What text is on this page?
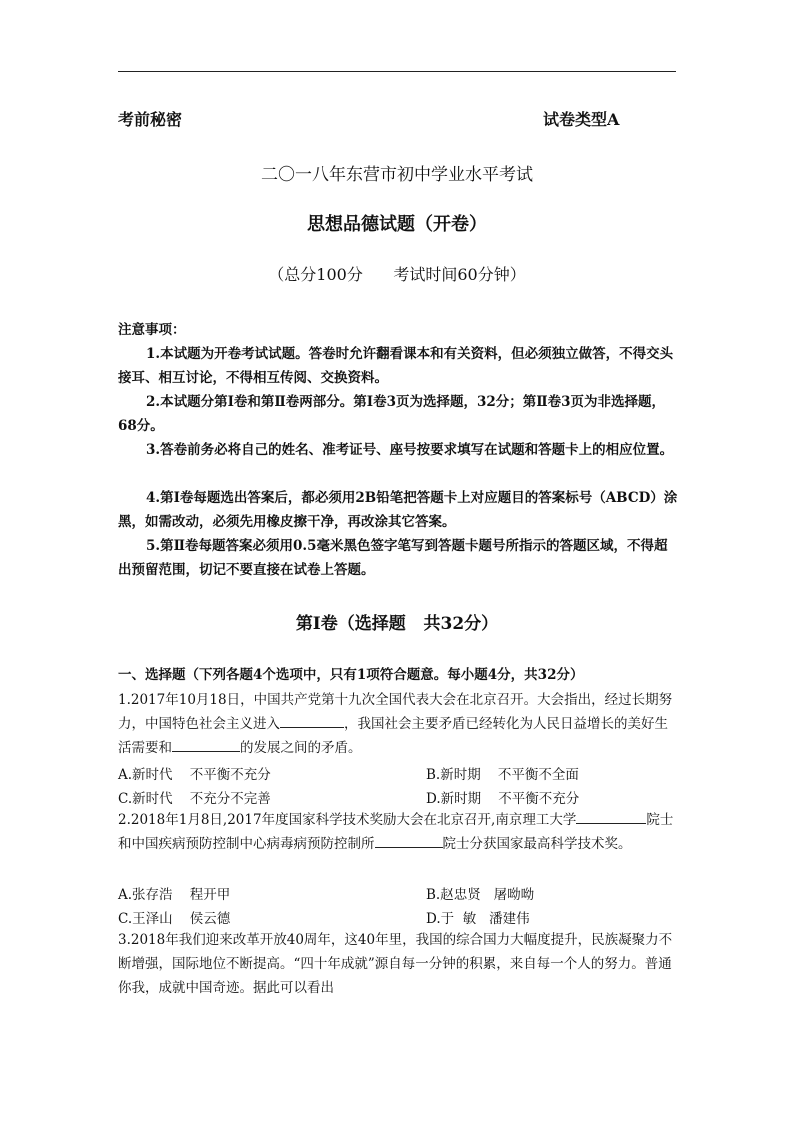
考前秘密	试卷类型A
二〇一八年东营市初中学业水平考试
思想品德试题（开卷）
（总分100分      考试时间60分钟）
注意事项：
1.本试题为开卷考试试题。答卷时允许翻看课本和有关资料，但必须独立做答，不得交头接耳、相互讨论，不得相互传阅、交换资料。
2.本试题分第Ⅰ卷和第Ⅱ卷两部分。第Ⅰ卷3页为选择题，32分；第Ⅱ卷3页为非选择题，68分。
3.答卷前务必将自己的姓名、准考证号、座号按要求填写在试题和答题卡上的相应位置。
4.第Ⅰ卷每题选出答案后，都必须用2B铅笔把答题卡上对应题目的答案标号（ABCD）涂黑，如需改动，必须先用橡皮擦干净，再改涂其它答案。
5.第Ⅱ卷每题答案必须用0.5毫米黑色签字笔写到答题卡题号所指示的答题区域，不得超出预留范围，切记不要直接在试卷上答题。
第Ⅰ卷（选择题   共32分）
一、选择题（下列各题4个选项中，只有1项符合题意。每小题4分，共32分）
1.2017年10月18日，中国共产党第十九次全国代表大会在北京召开。大会指出，经过长期努力，中国特色社会主义进入	，我国社会主要矛盾已经转化为人民日益增长的美好生活需要和	的发展之间的矛盾。
A.新时代    不平衡不充分	B.新时期    不平衡不全面
C.新时代    不充分不完善	D.新时期    不平衡不充分
2.2018年1月8日,2017年度国家科学技术奖励大会在北京召开,南京理工大学	院士和中国疾病预防控制中心病毒病预防控制所	院士分获国家最高科学技术奖。
A.张存浩    程开甲	B.赵忠贤   屠呦呦
C.王泽山    侯云德	D.于  敏   潘建伟
3.2018年我们迎来改革开放40周年，这40年里，我国的综合国力大幅度提升，民族凝聚力不断增强，国际地位不断提高。“四十年成就”源自每一分钟的积累，来自每一个人的努力。普通你我，成就中国奇迹。据此可以看出
